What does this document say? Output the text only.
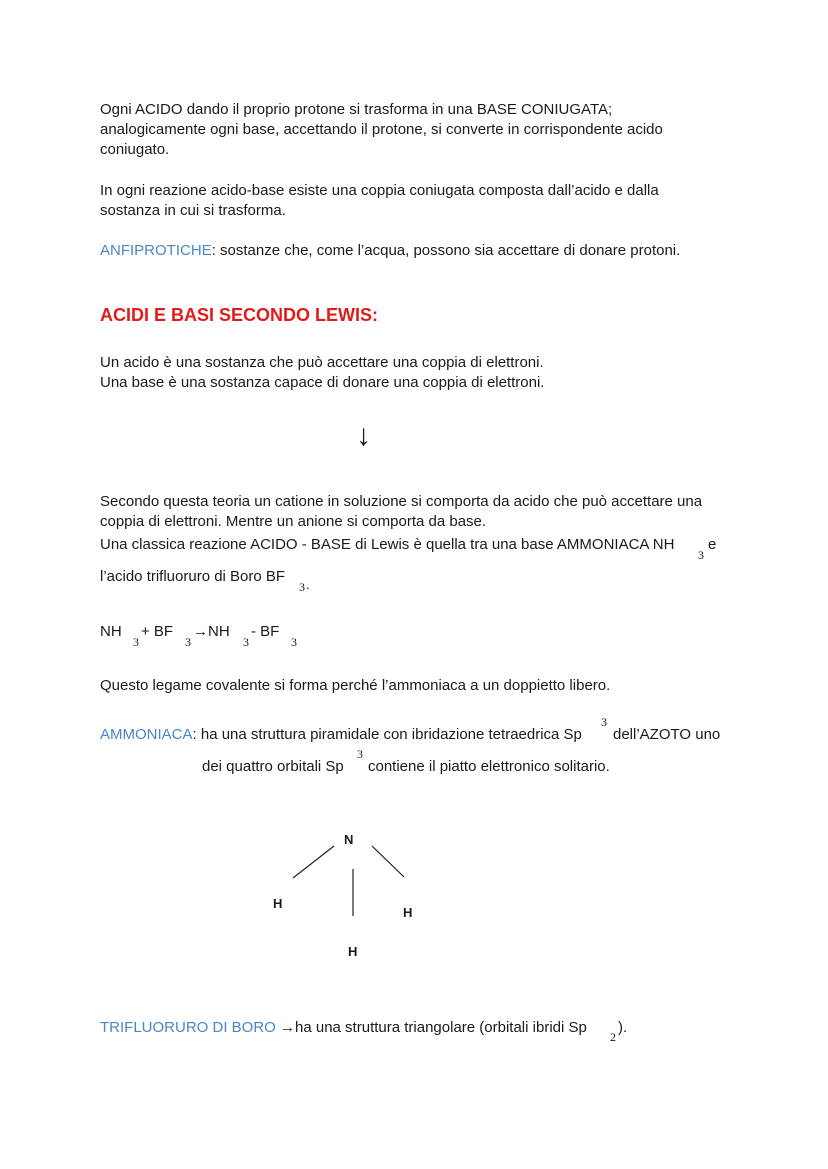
Ogni ACIDO dando il proprio protone si trasforma in una BASE CONIUGATA;
analogicamente ogni base, accettando il protone, si converte in corrispondente acido
coniugato.
In ogni reazione acido-base esiste una coppia coniugata composta dall’acido e dalla
sostanza in cui si trasforma.
ANFIPROTICHE: sostanze che, come l’acqua, possono sia accettare di donare protoni.
ACIDI E BASI SECONDO LEWIS:
Un acido è una sostanza che può accettare una coppia di elettroni.
Una base è una sostanza capace di donare una coppia di elettroni.
↓
Secondo questa teoria un catione in soluzione si comporta da acido che può accettare una
coppia di elettroni. Mentre un anione si comporta da base.
Una classica reazione ACIDO - BASE di Lewis è quella tra una base AMMONIACA NH
3
e
l’acido trifluoruro di Boro BF
3 .
NH
3
+ BF
3
→NH
3
- BF
3
Questo legame covalente si forma perché l’ammoniaca a un doppietto libero.
AMMONIACA: ha una struttura piramidale con ibridazione tetraedrica Sp
3
dell’AZOTO uno
dei quattro orbitali Sp
3
contiene il piatto elettronico solitario.
N
H
H
H
TRIFLUORURO DI BORO →ha una struttura triangolare (orbitali ibridi Sp
2
).
